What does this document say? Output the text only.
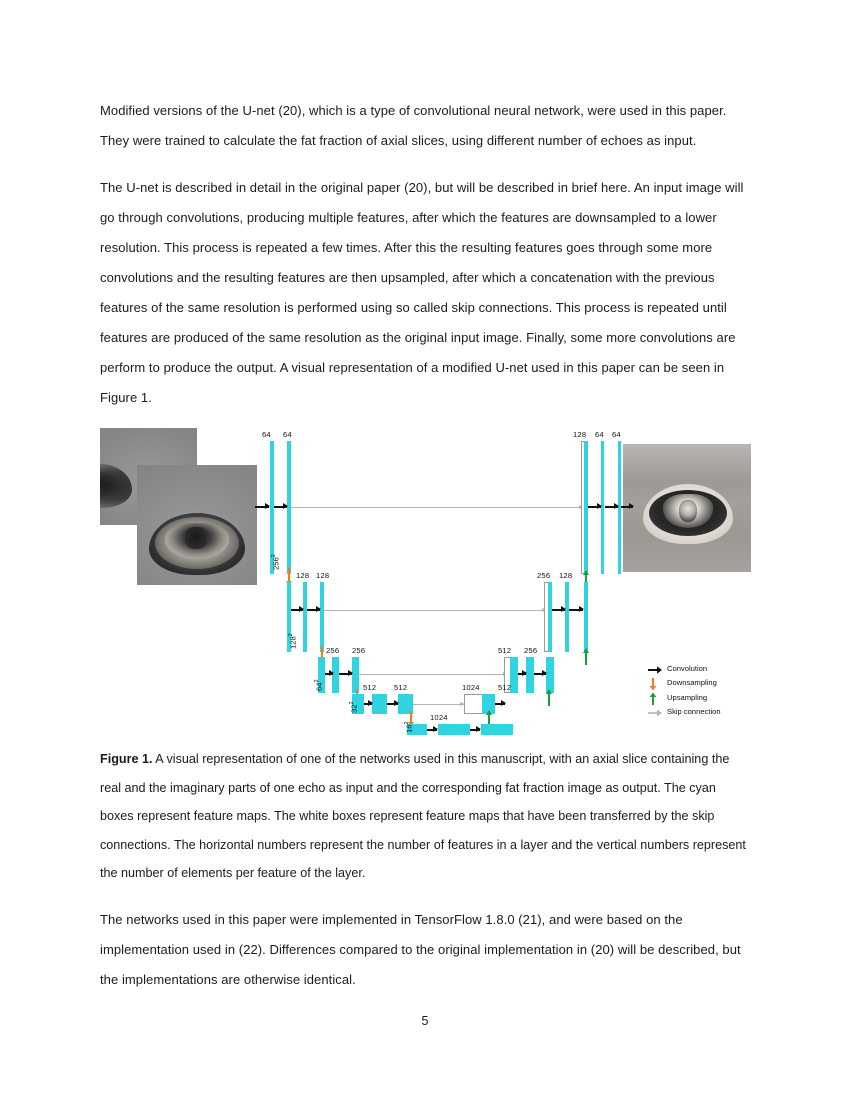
Modified versions of the U-net (20), which is a type of convolutional neural network, were used in this paper. They were trained to calculate the fat fraction of axial slices, using different number of echoes as input.

The U-net is described in detail in the original paper (20), but will be described in brief here. An input image will go through convolutions, producing multiple features, after which the features are downsampled to a lower resolution. This process is repeated a few times. After this the resulting features goes through some more convolutions and the resulting features are then upsampled, after which a concatenation with the previous features of the same resolution is performed using so called skip connections. This process is repeated until features are produced of the same resolution as the original input image. Finally, some more convolutions are perform to produce the output. A visual representation of a modified U-net used in this paper can be seen in Figure 1.

Figure 1. A visual representation of one of the networks used in this manuscript, with an axial slice containing the real and the imaginary parts of one echo as input and the corresponding fat fraction image as output. The cyan boxes represent feature maps. The white boxes represent feature maps that have been transferred by the skip connections. The horizontal numbers represent the number of features in a layer and the vertical numbers represent the number of elements per feature of the layer.

The networks used in this paper were implemented in TensorFlow 1.8.0 (21), and were based on the implementation used in (22). Differences compared to the original implementation in (20) will be described, but the implementations are otherwise identical.

64 64
$256^2$
128 64 64
128 128
$128^2$
256 128
256 256
$64^2$
512 256
512 512
$32^2$
1024 512
1024
$16^2$
Convolution
Downsampling
Upsampling
Skip connection
5
